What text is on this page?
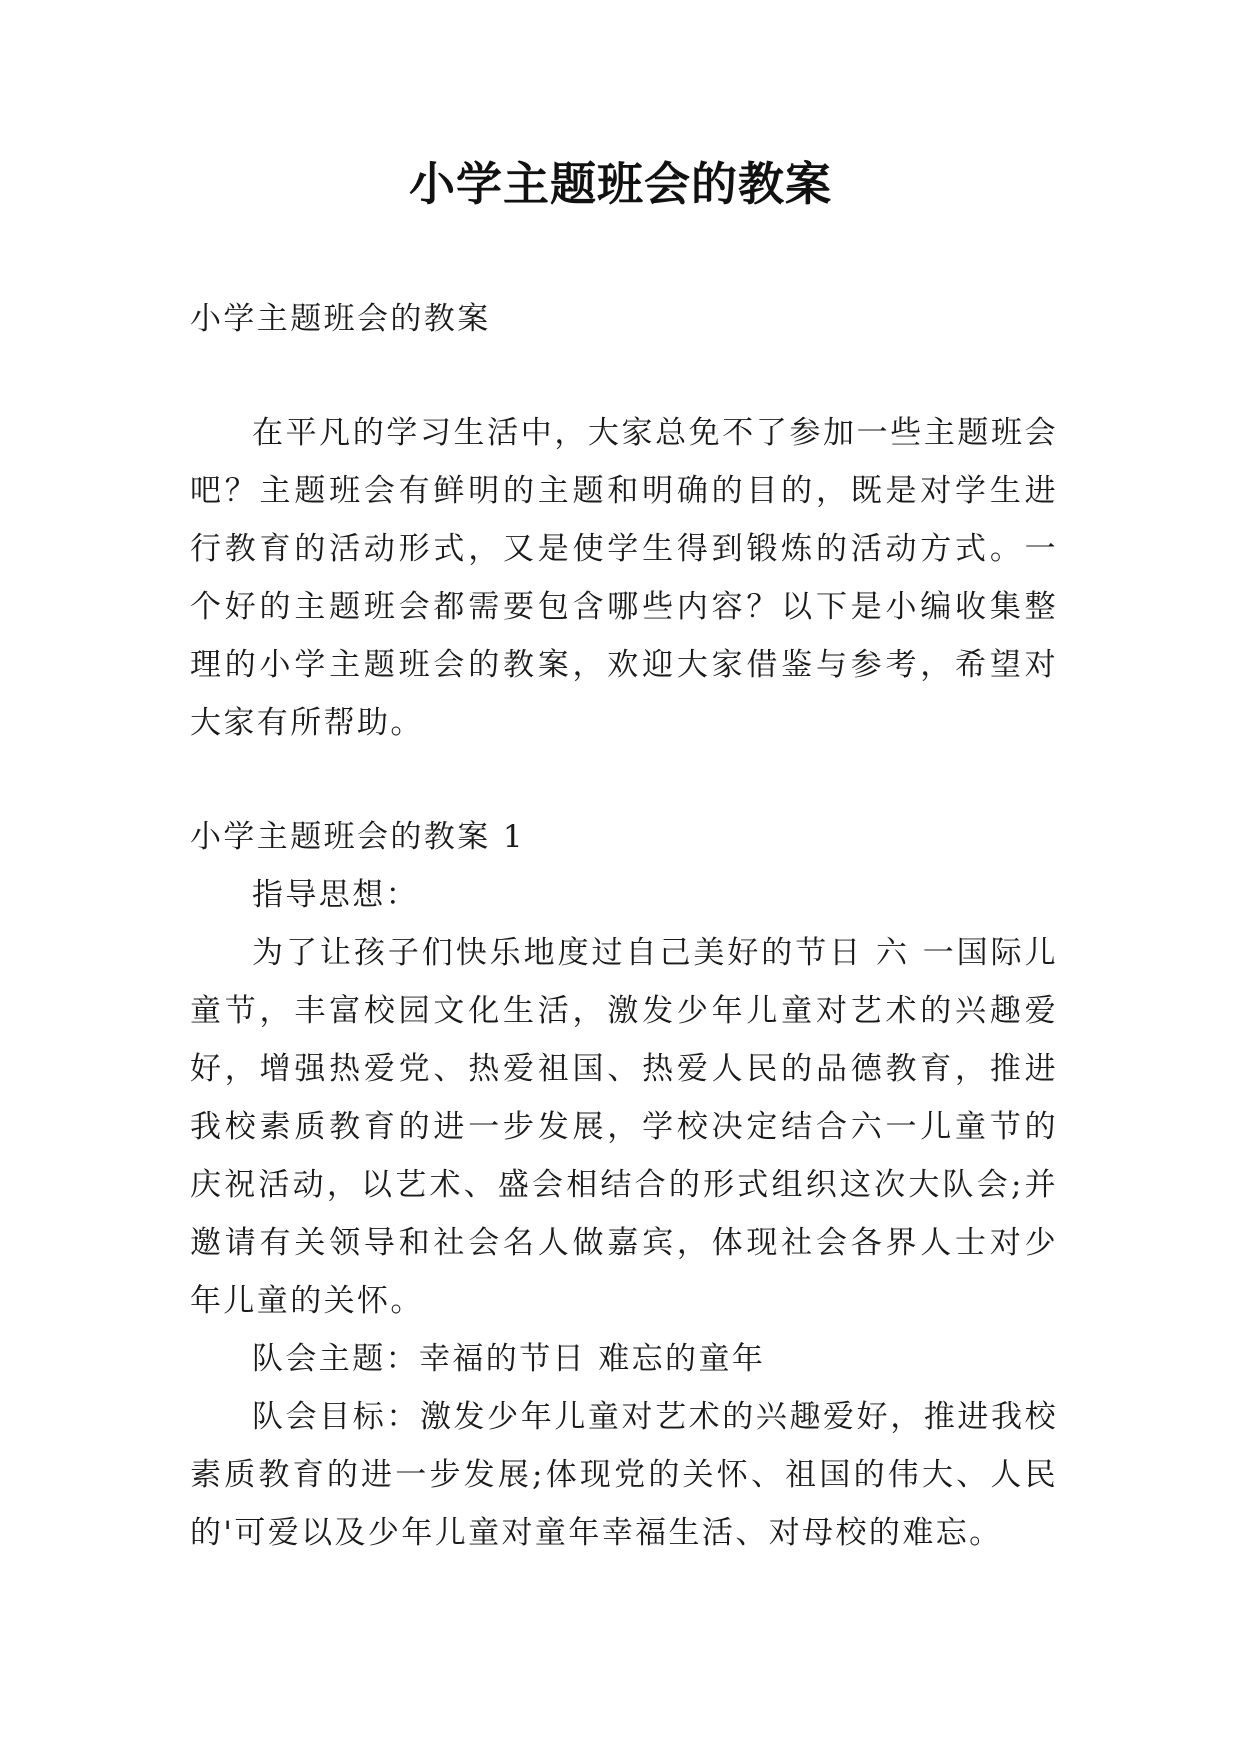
小学主题班会的教案

小学主题班会的教案

在平凡的学习生活中，大家总免不了参加一些主题班会吧？主题班会有鲜明的主题和明确的目的，既是对学生进行教育的活动形式，又是使学生得到锻炼的活动方式。一个好的主题班会都需要包含哪些内容？以下是小编收集整理的小学主题班会的教案，欢迎大家借鉴与参考，希望对大家有所帮助。

小学主题班会的教案 1

指导思想：

为了让孩子们快乐地度过自己美好的节日 六 一国际儿童节，丰富校园文化生活，激发少年儿童对艺术的兴趣爱好，增强热爱党、热爱祖国、热爱人民的品德教育，推进我校素质教育的进一步发展，学校决定结合六一儿童节的庆祝活动，以艺术、盛会相结合的形式组织这次大队会;并邀请有关领导和社会名人做嘉宾，体现社会各界人士对少年儿童的关怀。

队会主题：幸福的节日 难忘的童年

队会目标：激发少年儿童对艺术的兴趣爱好，推进我校素质教育的进一步发展;体现党的关怀、祖国的伟大、人民的'可爱以及少年儿童对童年幸福生活、对母校的难忘。
